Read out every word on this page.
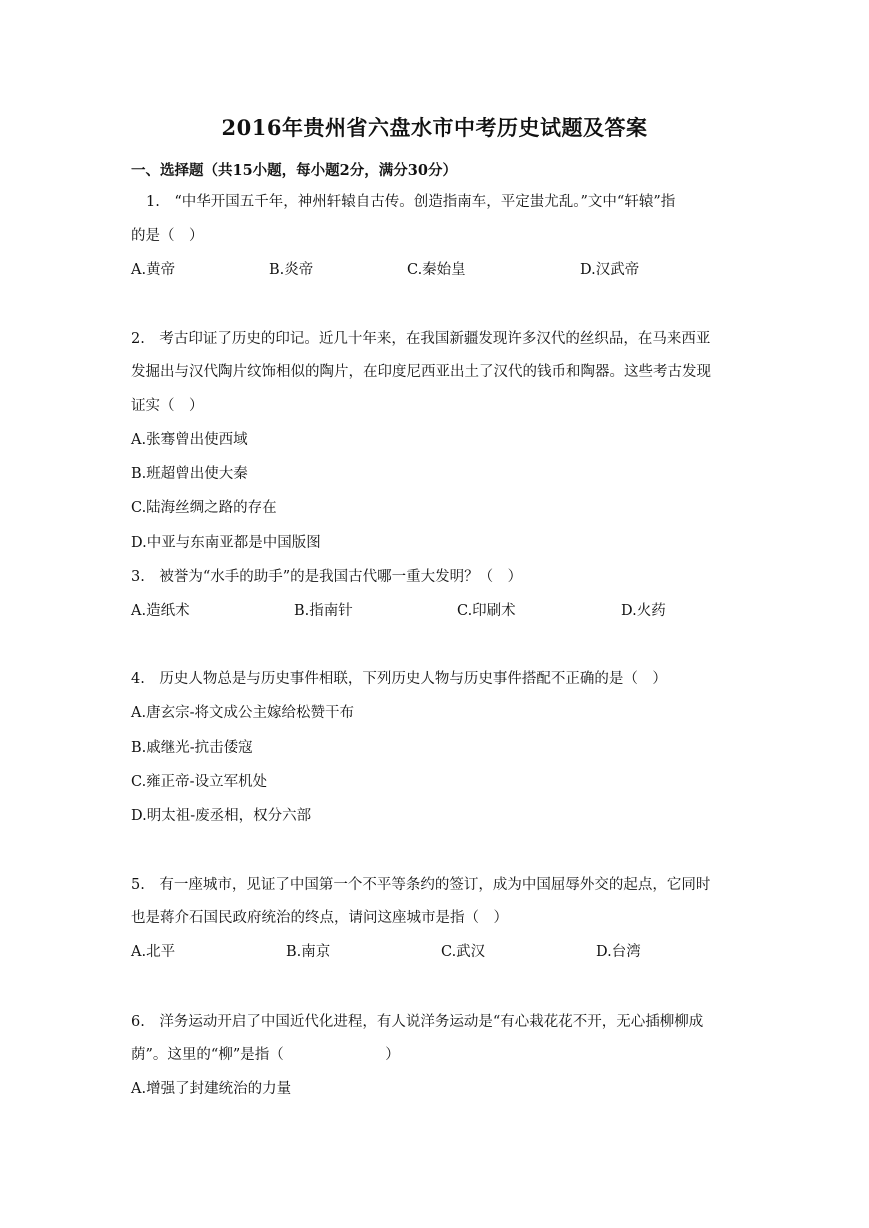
2016年贵州省六盘水市中考历史试题及答案
一、选择题（共15小题，每小题2分，满分30分）
1.　“中华开国五千年，神州轩辕自古传。创造指南车，平定蚩尤乱。”文中“轩辕”指
的是（　）
A.黄帝	B.炎帝	C.秦始皇	D.汉武帝
2.　考古印证了历史的印记。近几十年来，在我国新疆发现许多汉代的丝织品，在马来西亚
发掘出与汉代陶片纹饰相似的陶片，在印度尼西亚出土了汉代的钱币和陶器。这些考古发现
证实（　）
A.张骞曾出使西域
B.班超曾出使大秦
C.陆海丝绸之路的存在
D.中亚与东南亚都是中国版图
3.　被誉为“水手的助手”的是我国古代哪一重大发明？（　）
A.造纸术	B.指南针	C.印刷术	D.火药
4.　历史人物总是与历史事件相联，下列历史人物与历史事件搭配不正确的是（　）
A.唐玄宗-将文成公主嫁给松赞干布
B.戚继光-抗击倭寇
C.雍正帝-设立军机处
D.明太祖-废丞相，权分六部
5.　有一座城市，见证了中国第一个不平等条约的签订，成为中国屈辱外交的起点，它同时
也是蒋介石国民政府统治的终点，请问这座城市是指（　）
A.北平	B.南京	C.武汉	D.台湾
6.　洋务运动开启了中国近代化进程，有人说洋务运动是“有心栽花花不开，无心插柳柳成
荫”。这里的“柳”是指（　　　　　　　）
A.增强了封建统治的力量
